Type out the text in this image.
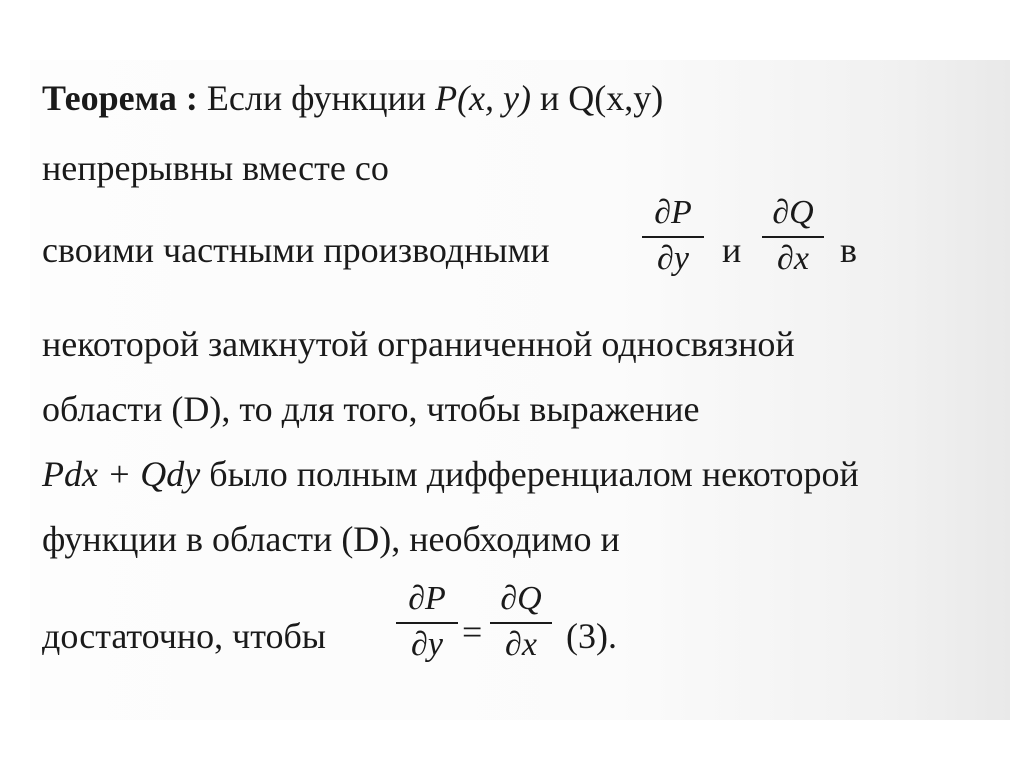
Теорема : Если функции P(x, y) и Q(x,y)
непрерывны вместе со
своими частными производными
∂P
∂y и
∂Q
∂x в
некоторой замкнутой ограниченной односвязной
области (D), то для того, чтобы выражение
Pdx + Qdy было полным дифференциалом некоторой
функции в области (D), необходимо и
достаточно, чтобы
∂P
∂y =
∂Q
∂x (3).
